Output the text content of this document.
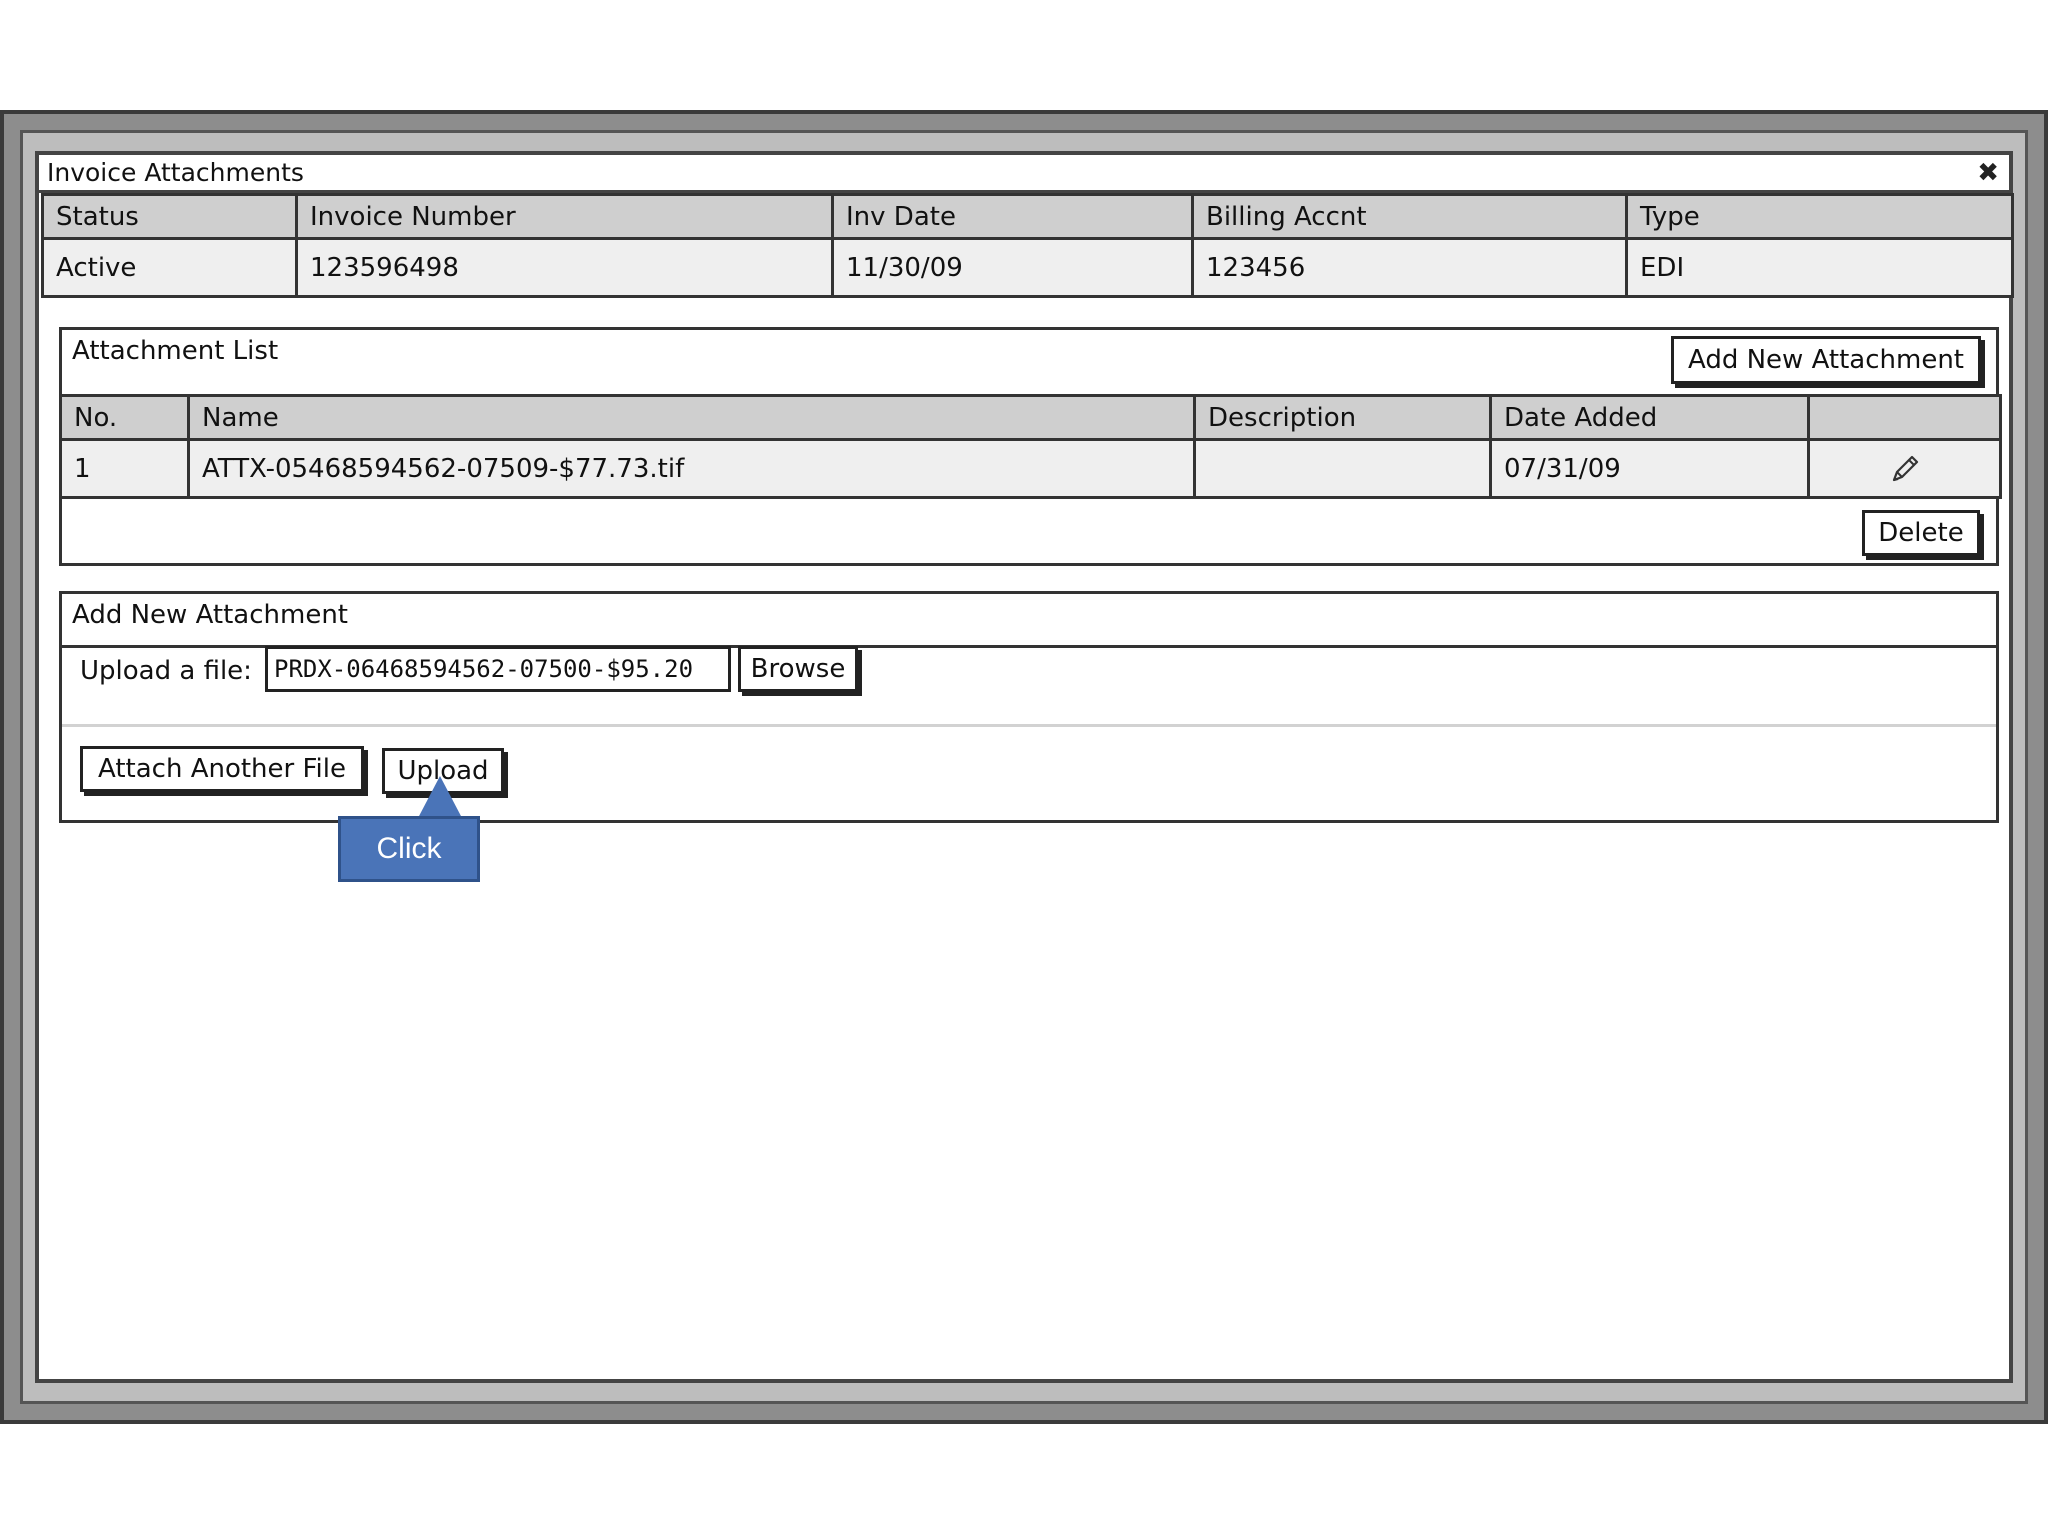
Invoice Attachments	✖
Status	Invoice Number	Inv Date	Billing Accnt	Type
Active	123596498	11/30/09	123456	EDI
Attachment List	Add New Attachment
No.	Name	Description	Date Added	
1	ATTX-05468594562-07509-$77.73.tif		07/31/09	
Delete
Add New Attachment
Upload a file:
PRDX-06468594562-07500-$95.20	Browse
Attach Another File	Upload
Click
